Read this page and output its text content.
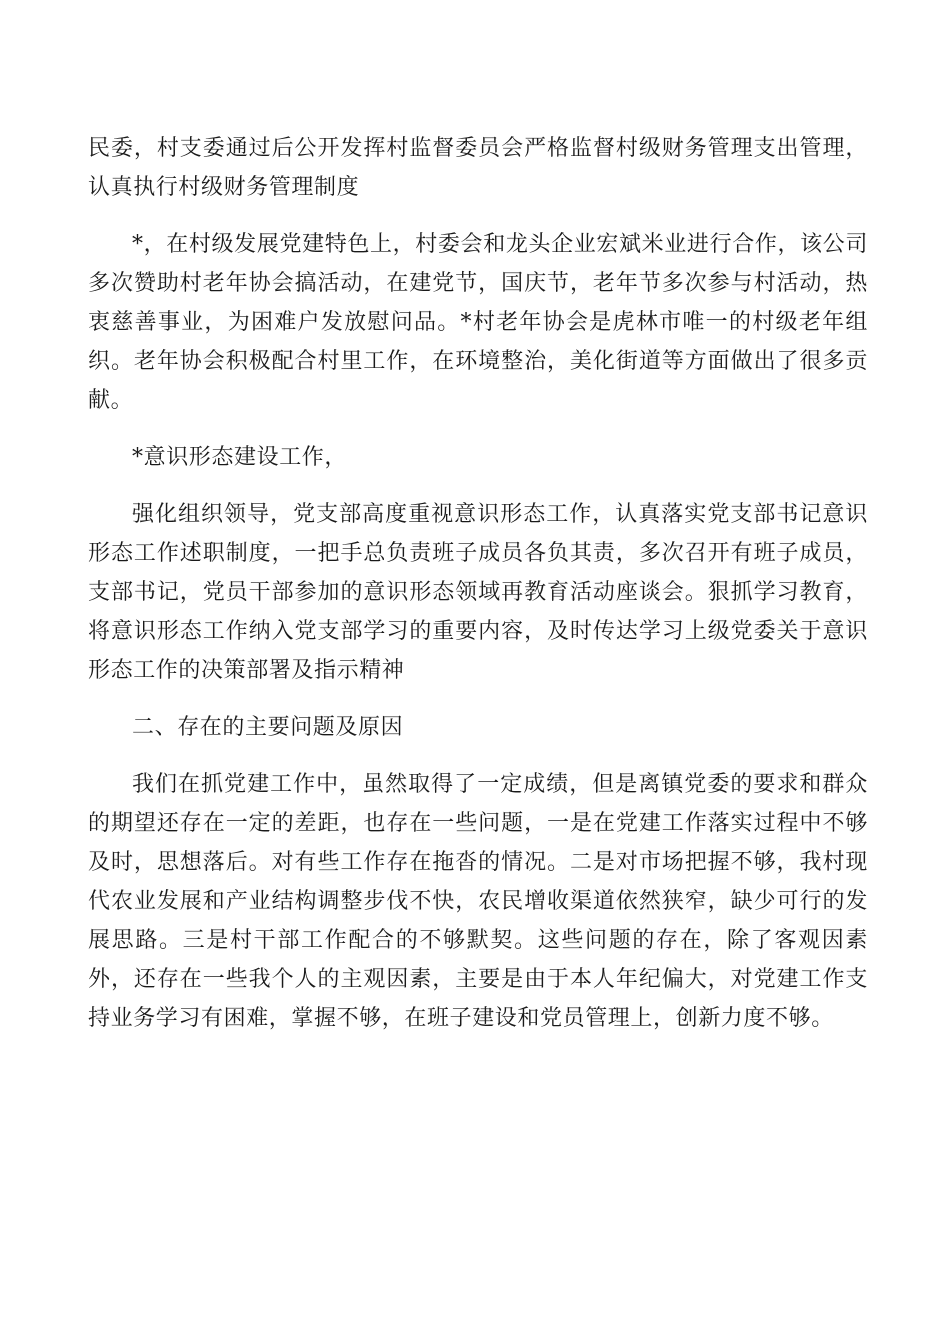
民委，村支委通过后公开发挥村监督委员会严格监督村级财务管理支出管理，认真执行村级财务管理制度

*，在村级发展党建特色上，村委会和龙头企业宏斌米业进行合作，该公司多次赞助村老年协会搞活动，在建党节，国庆节，老年节多次参与村活动，热衷慈善事业，为困难户发放慰问品。*村老年协会是虎林市唯一的村级老年组织。老年协会积极配合村里工作，在环境整治，美化街道等方面做出了很多贡献。

*意识形态建设工作，

强化组织领导，党支部高度重视意识形态工作，认真落实党支部书记意识形态工作述职制度，一把手总负责班子成员各负其责，多次召开有班子成员，支部书记，党员干部参加的意识形态领域再教育活动座谈会。狠抓学习教育，将意识形态工作纳入党支部学习的重要内容，及时传达学习上级党委关于意识形态工作的决策部署及指示精神

二、存在的主要问题及原因

我们在抓党建工作中，虽然取得了一定成绩，但是离镇党委的要求和群众的期望还存在一定的差距，也存在一些问题，一是在党建工作落实过程中不够及时，思想落后。对有些工作存在拖沓的情况。二是对市场把握不够，我村现代农业发展和产业结构调整步伐不快，农民增收渠道依然狭窄，缺少可行的发展思路。三是村干部工作配合的不够默契。这些问题的存在，除了客观因素外，还存在一些我个人的主观因素，主要是由于本人年纪偏大，对党建工作支持业务学习有困难，掌握不够，在班子建设和党员管理上，创新力度不够。
